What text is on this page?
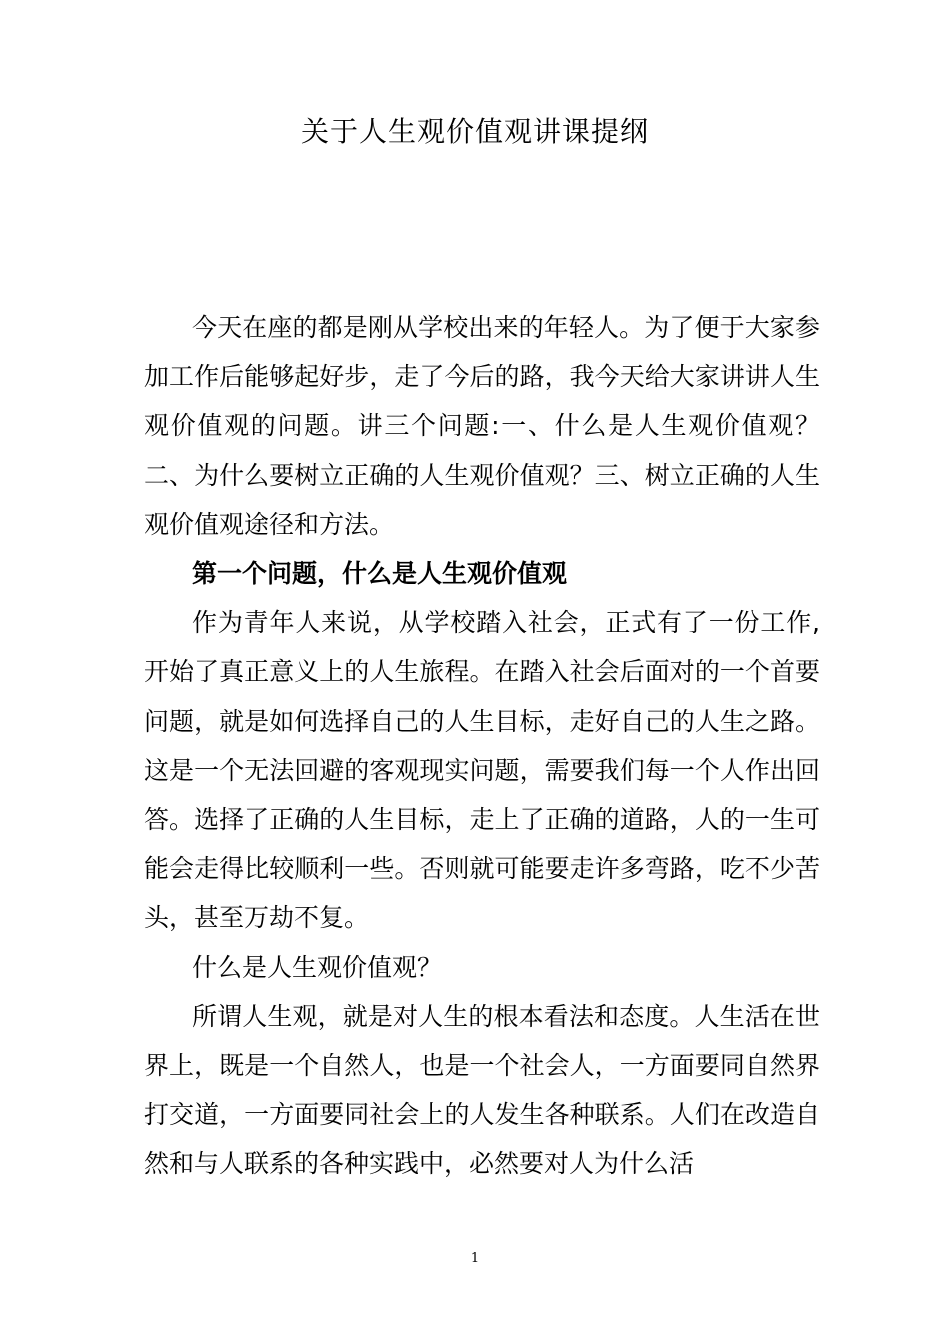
关于人生观价值观讲课提纲

今天在座的都是刚从学校出来的年轻人。为了便于大家参加工作后能够起好步，走了今后的路，我今天给大家讲讲人生观价值观的问题。讲三个问题:一、什么是人生观价值观？二、为什么要树立正确的人生观价值观？三、树立正确的人生观价值观途径和方法。

第一个问题，什么是人生观价值观

作为青年人来说，从学校踏入社会，正式有了一份工作,开始了真正意义上的人生旅程。在踏入社会后面对的一个首要问题，就是如何选择自己的人生目标，走好自己的人生之路。这是一个无法回避的客观现实问题，需要我们每一个人作出回答。选择了正确的人生目标，走上了正确的道路，人的一生可能会走得比较顺利一些。否则就可能要走许多弯路，吃不少苦头，甚至万劫不复。

什么是人生观价值观？

所谓人生观，就是对人生的根本看法和态度。人生活在世界上，既是一个自然人，也是一个社会人，一方面要同自然界打交道，一方面要同社会上的人发生各种联系。人们在改造自然和与人联系的各种实践中，必然要对人为什么活

1
